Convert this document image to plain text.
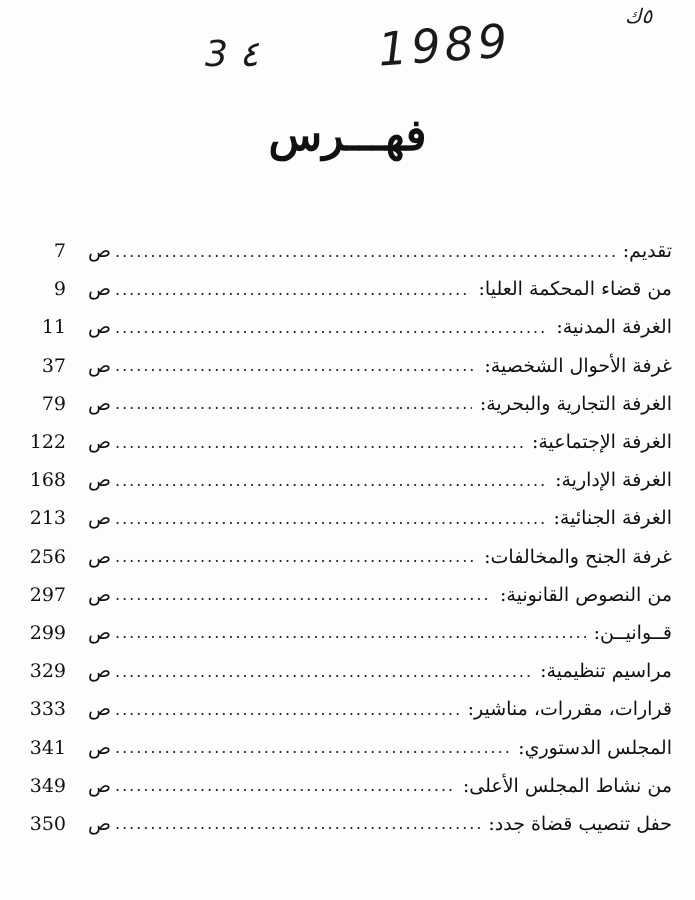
٥ك
1989
3 ٤
فهـــرس
تقديم:
.....
7	ص
من قضاء المحكمة العليا:
.....
9	ص
الغرفة المدنية:
.....
11	ص
غرفة الأحوال الشخصية:
.....
37	ص
الغرفة التجارية والبحرية:
.....
79	ص
الغرفة الإجتماعية:
.....
122	ص
الغرفة الإدارية:
.....
168	ص
الغرفة الجنائية:
.....
213	ص
غرفة الجنح والمخالفات:
.....
256	ص
من النصوص القانونية:
.....
297	ص
قــوانيــن:
.....
299	ص
مراسيم تنظيمية:
.....
329	ص
قرارات، مقررات، مناشير:
.....
333	ص
المجلس الدستوري:
.....
341	ص
من نشاط المجلس الأعلى:
.....
349	ص
حفل تنصيب قضاة جدد:
.....
350	ص
